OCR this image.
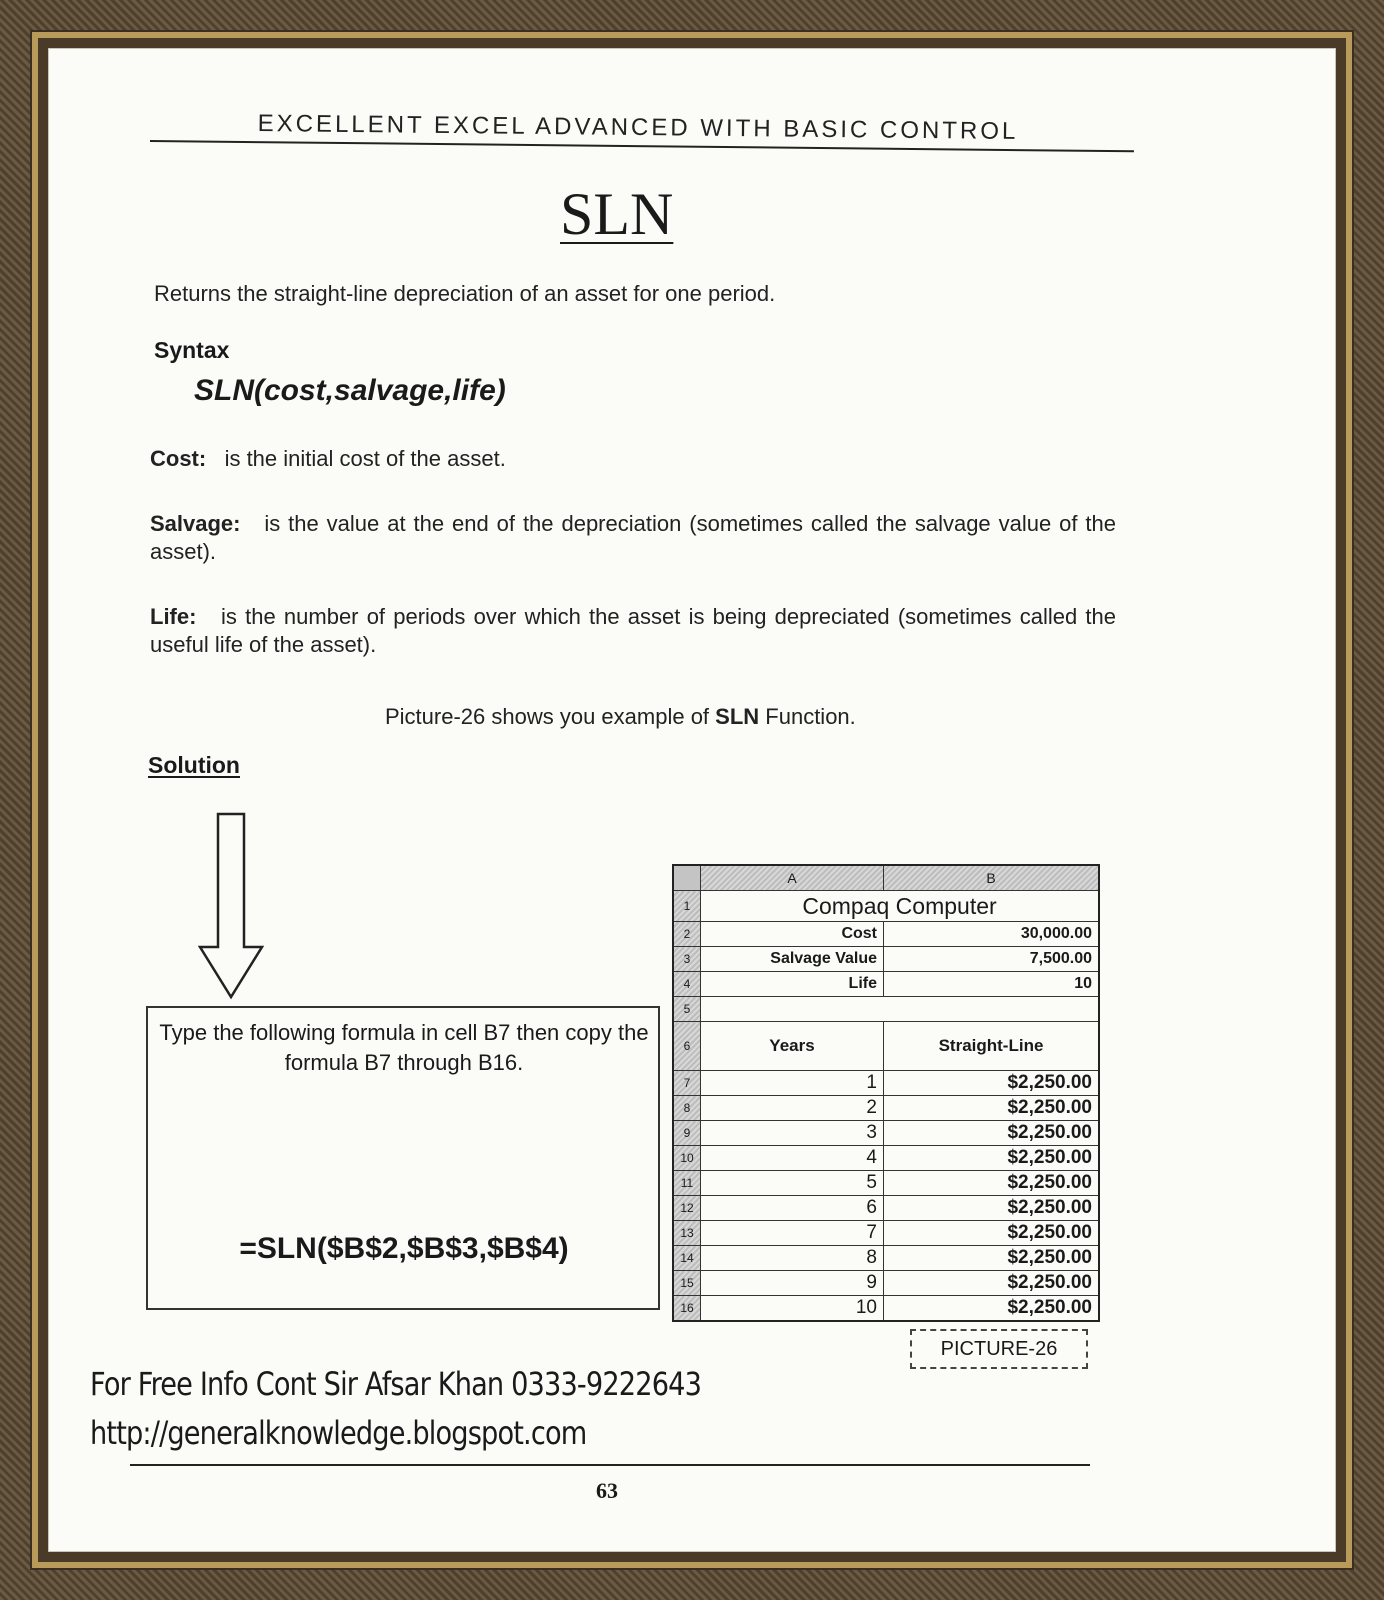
EXCELLENT EXCEL ADVANCED WITH BASIC CONTROL
SLN
Returns the straight-line depreciation of an asset for one period.
Syntax
SLN(cost,salvage,life)
Cost: is the initial cost of the asset.
Salvage: is the value at the end of the depreciation (sometimes called the salvage value of the asset).
Life: is the number of periods over which the asset is being depreciated (sometimes called the useful life of the asset).
Picture-26 shows you example of SLN Function.
Solution
Type the following formula in cell B7 then copy the formula B7 through B16.
=SLN($B$2,$B$3,$B$4)
	A	B
1	Compaq Computer	
2	Cost	30,000.00
3	Salvage Value	7,500.00
4	Life	10
5		
6	Years	Straight-Line
7	1	$2,250.00
8	2	$2,250.00
9	3	$2,250.00
10	4	$2,250.00
11	5	$2,250.00
12	6	$2,250.00
13	7	$2,250.00
14	8	$2,250.00
15	9	$2,250.00
16	10	$2,250.00
PICTURE-26
For Free Info Cont Sir Afsar Khan 0333-9222643
http://generalknowledge.blogspot.com
63
